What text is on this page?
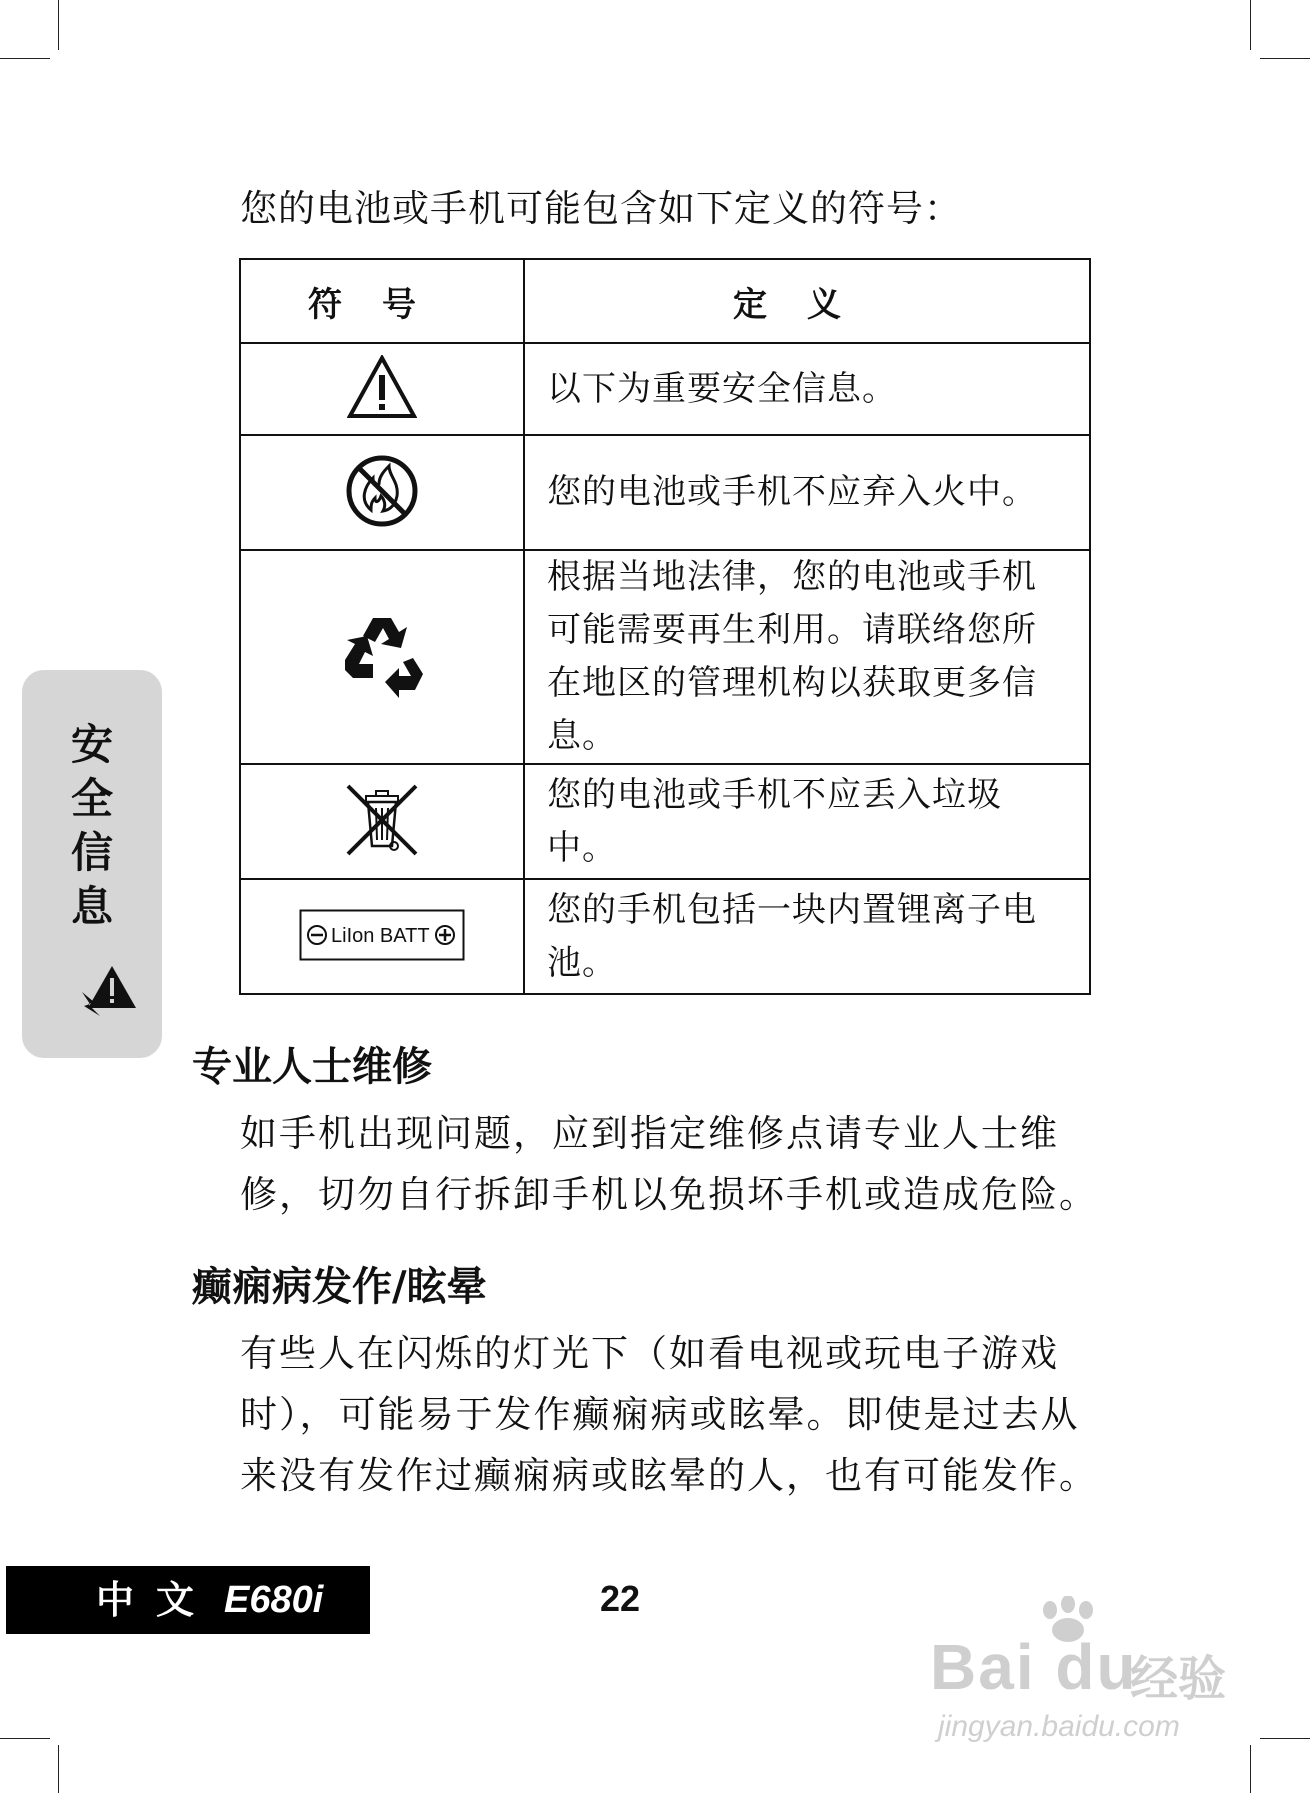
您的电池或手机可能包含如下定义的符号：

符号	定义
	以下为重要安全信息。
	您的电池或手机不应弃入火中。
	根据当地法律，您的电池或手机可能需要再生利用。请联络您所在地区的管理机构以获取更多信息。
	您的电池或手机不应丢入垃圾中。

LiIon BATT	您的手机包括一块内置锂离子电池。
安
全
信
息
专业人士维修

如手机出现问题，应到指定维修点请专业人士维修，切勿自行拆卸手机以免损坏手机或造成危险。

癫痫病发作/眩晕

有些人在闪烁的灯光下（如看电视或玩电子游戏时），可能易于发作癫痫病或眩晕。即使是过去从来没有发作过癫痫病或眩晕的人，也有可能发作。

中文 E680i	22
Bai du
经验
jingyan.baidu.com
